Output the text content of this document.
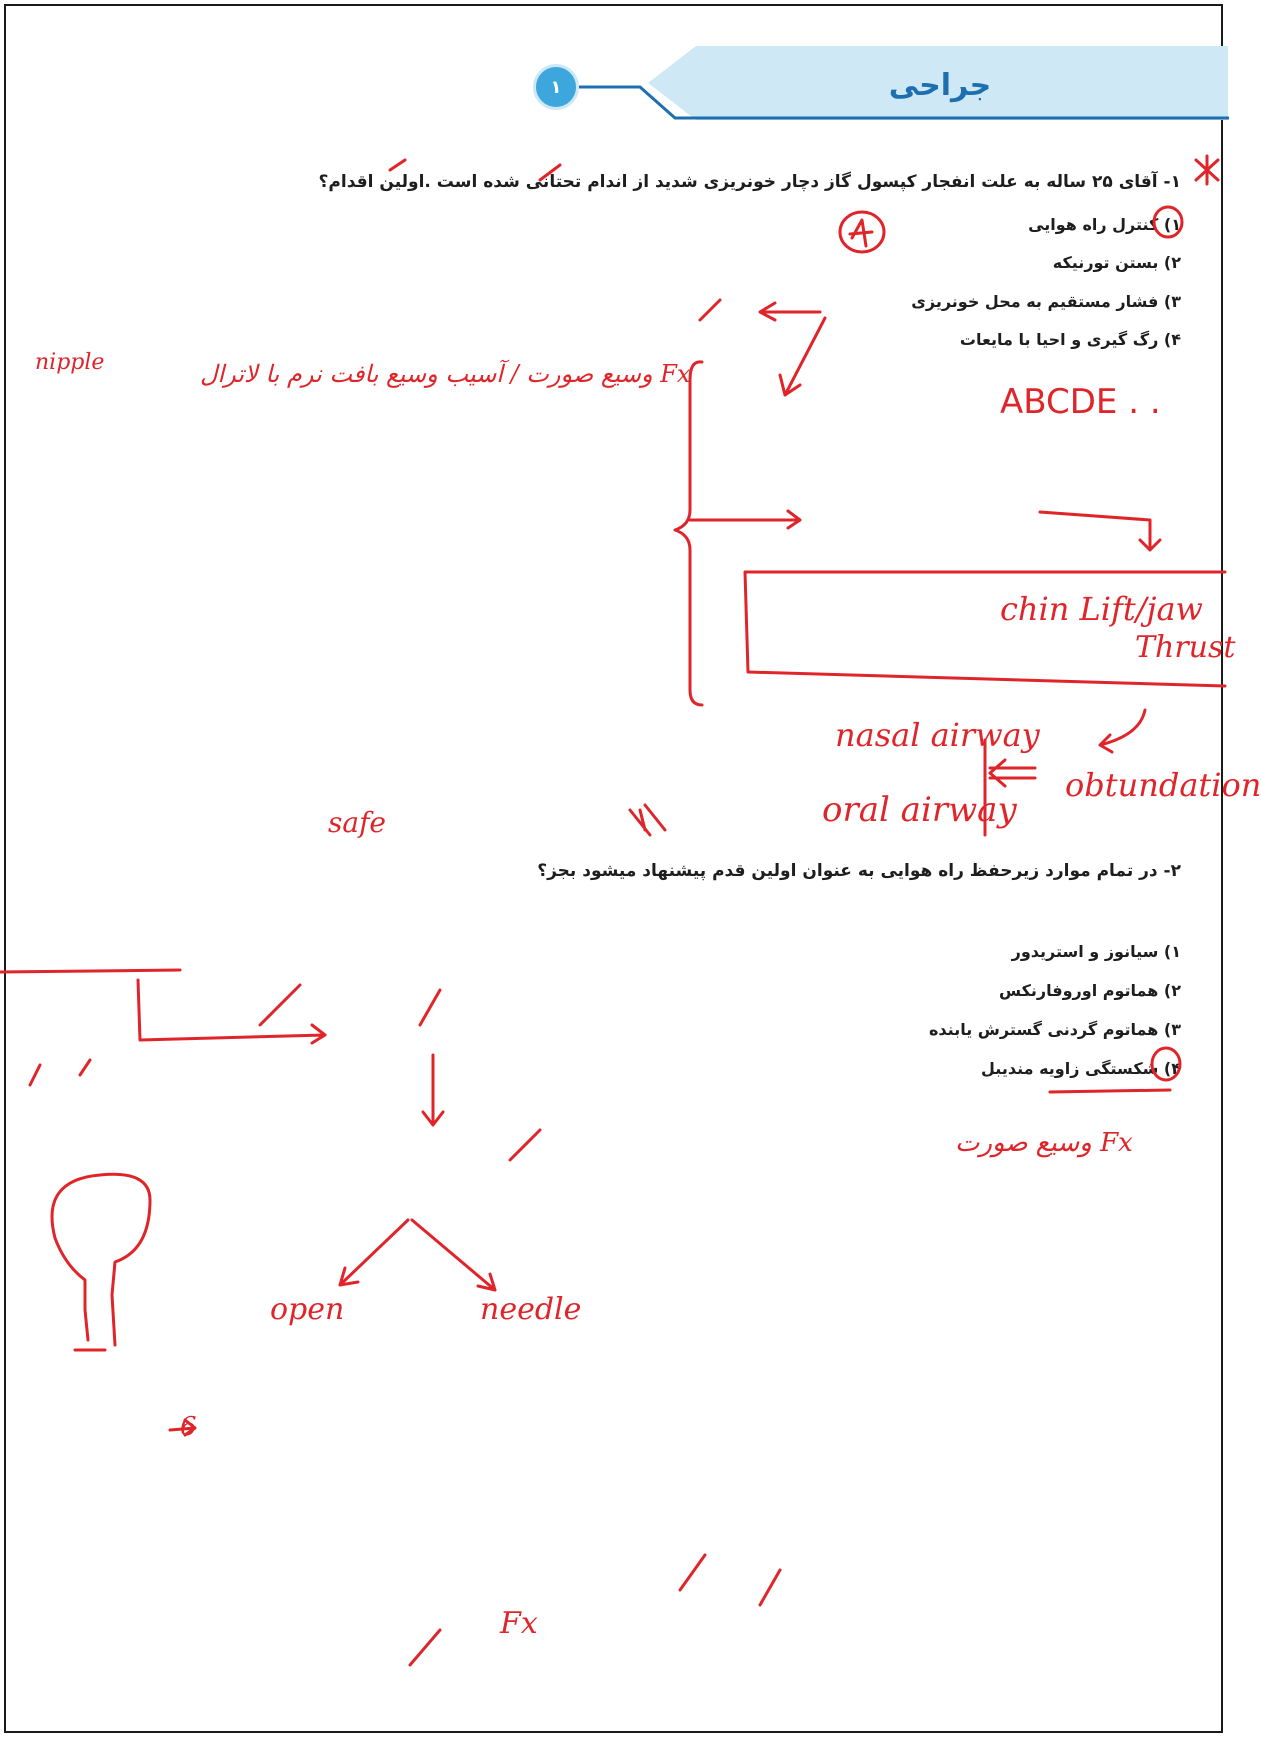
جراحی
۱
۱- آقای ۲۵ ساله به علت انفجار کپسول گاز دچار خونریزی شدید از اندام تحتانی شده است .اولین اقدام؟
۱) کنترل راه هوایی
۲) بستن تورنیکه
۳) فشار مستقیم به محل خونریزی
۴) رگ گیری و احیا با مایعات
۲- در تمام موارد زیرحفظ راه هوایی به عنوان اولین قدم پیشنهاد میشود بجز؟
۱) سیانوز و استریدور
۲) هماتوم اوروفارنکس
۳) هماتوم گردنی گسترش یابنده
۴) شکستگی زاویه مندیبل
ABCDE . .
nipple	Fx وسیع صورت / آسیب وسیع بافت نرم با لاترال
chin Lift/jaw
Thrust
nasal airway
obtundation
oral airway
safe
open	needle
Fx وسیع صورت
6
Fx
